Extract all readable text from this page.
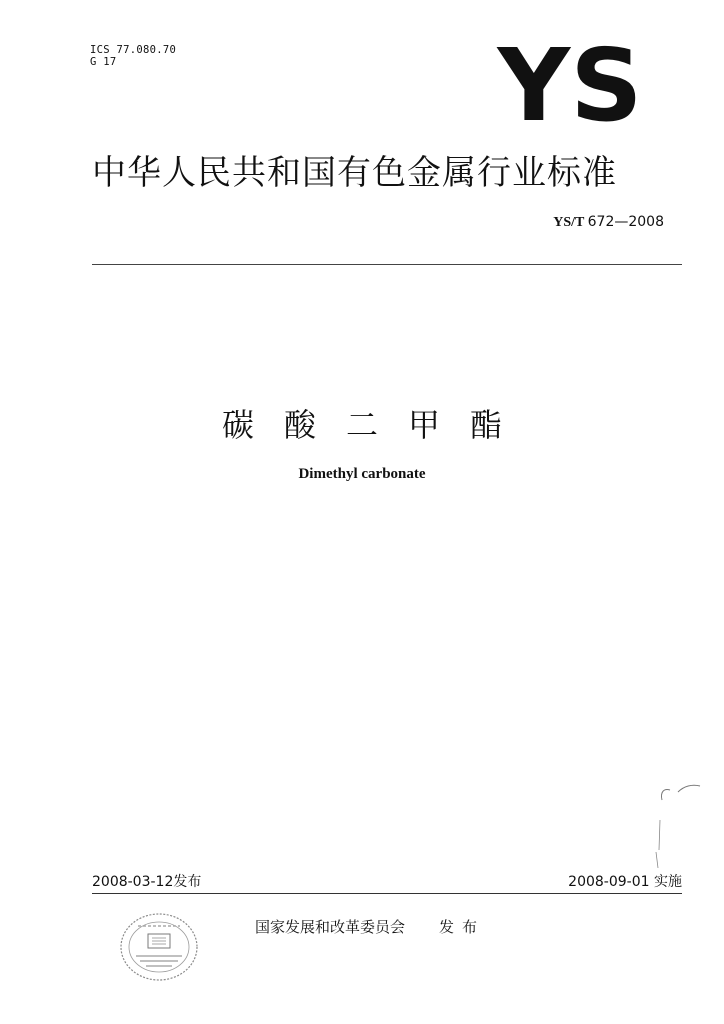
ICS 77.080.70
G 17	YS
中华人民共和国有色金属行业标准
YS/T 672—2008
碳酸二甲酯
Dimethyl carbonate
2008-03-12发布	2008-09-01 实施
国家发展和改革委员会 发布
